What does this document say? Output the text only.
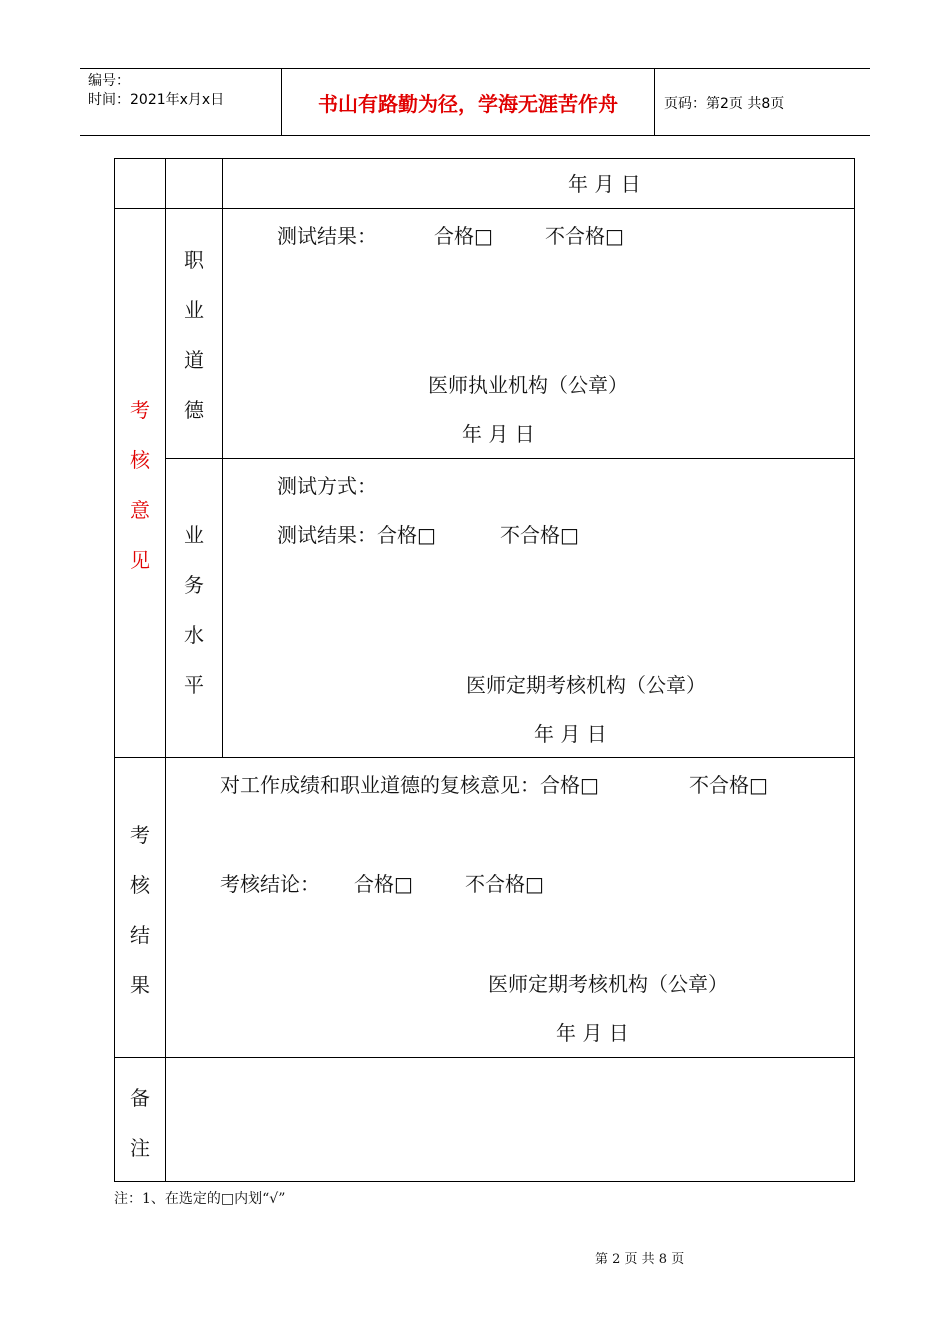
编号：
时间：2021年x月x日	书山有路勤为径，学海无涯苦作舟	页码：第2页 共8页
年 月 日
考
核
意
见
职
业
道
德
测试结果：	合格□	不合格□
医师执业机构（公章）
年 月 日
业
务
水
平
测试方式：
测试结果：合格□	不合格□
医师定期考核机构（公章）
年 月 日
考
核
结
果
对工作成绩和职业道德的复核意见：合格□	不合格□
考核结论： 合格□	不合格□
医师定期考核机构（公章）
年 月 日
备
注
注：1、在选定的□内划“√”
第 2 页 共 8 页
